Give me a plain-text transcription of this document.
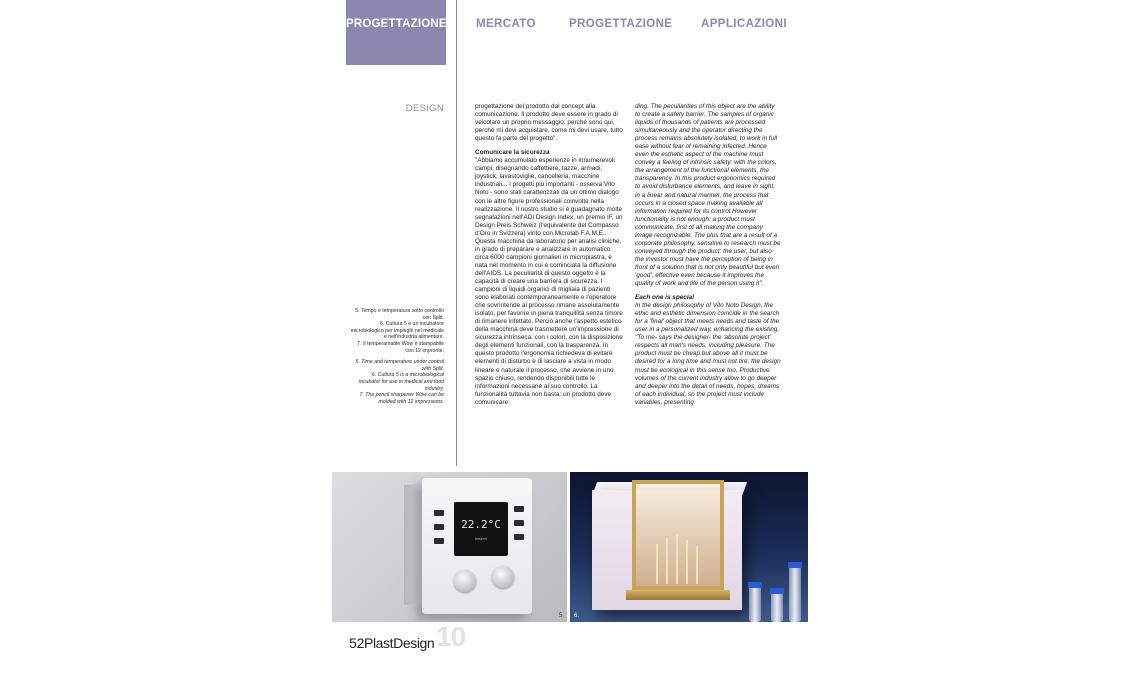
PROGETTAZIONE	MERCATO	PROGETTAZIONE APPLICAZIONI
DESIGN

5. Tempo e temperatura sotto controllo con Split.

6. Cultura 5 è un incubatore microbiologico per impieghi nel medicale e nell'industria alimentare.

7. Il temperamatite Wow è stampabile con 12 impronte.

5. Time and temperature under control with Split.

6. Cultura 5 is a microbiological incubator for use in medical and food industry.

7. The pencil sharpener Wow can be molded with 12 impressions.

progettazione del prodotto dal concept alla comunicazione. Il prodotto deve essere in grado di veicolare un proprio messaggio: perché sono qui, perché mi devi acquistare, come mi devi usare, tutto questo fa parte del progetto".

Comunicare la sicurezza

"Abbiamo accumulato esperienze in innumerevoli campi, disegnando caffettiere, tazze, armadi, joystick, lavastoviglie, cancelleria, macchine industriali... I progetti più importanti - osserva Vito Noto - sono stati caratterizzati da un ottimo dialogo con le altre figure professionali coinvolte nella realizzazione. Il nostro studio si è guadagnato molte segnalazioni nell'ADI Design Index, un premio IF, un Design Preis Schweiz (l'equivalente del Compasso d'Oro in Svizzera) vinto con Microlab F.A.M.E.. Questa macchina da laboratorio per analisi cliniche, in grado di preparare e analizzare in automatico circa 6000 campioni giornalieri in micropiastra, è nata nel momento in cui è cominciata la diffusione dell'AIDS. La peculiarità di questo oggetto è la capacità di creare una barriera di sicurezza. I campioni di liquidi organici di migliaia di pazienti sono elaborati contemporaneamente e l'operatore che sovrintende al processo rimane assolutamente isolato, per favorire in piena tranquillità senza timore di rimanere infettato. Perciò anche l'aspetto estetico della macchina deve trasmettere un'impressione di sicurezza intrinseca: con i colori, con la disposizione degli elementi funzionali, con la trasparenza. In questo prodotto l'ergonomia richiedeva di evitare elementi di disturbo e di lasciare a vista in modo lineare e naturale il processo, che avviene in uno spazio chiuso, rendendo disponibili tutte le informazioni necessarie al suo controllo. La funzionalità tuttavia non basta: un prodotto deve comunicare

ding. The peculiarities of this object are the ability to create a safety barrier. The samples of organic liquids of thousands of patients are processed simultaneously and the operator directing the process remains absolutely isolated, to work in full ease without fear of remaining infected. Hence even the esthetic aspect of the machine must convey a feeling of intrinsic safety: with the colors, the arrangement of the functional elements, the transparency. In this product ergonomics required to avoid disturbance elements, and leave in sight, in a linear and natural manner, the process that occurs in a closed space making available all information required for its control.However functionality is not enough: a product must communicate, first of all making the company image recognizable. The plus that are a result of a corporate philosophy, sensitive to research must be conveyed through the product: the user, but also the investor must have the perception of being in front of a solution that is not only beautiful but even 'good', effective even because it improves the quality of work and life of the person using it".

Each one is special

In the design philosophy of Vito Noto Design, the ethic and esthetic dimension coincide in the search for a 'final' object that meets needs and taste of the user in a personalized way, enhancing the existing. "To me- says the designer- the 'absolute project' respects all man's needs, including pleasure. The product must be cheap but above all it must be desired for a long time and must not tire: the design must be ecological in this sense too. Productive volumes of the current industry allow to go deeper and deeper into the detail of needs, hopes, dreams of each individual, so the project must include variables, presenting

22.2°C
heizen
5. 6.
52 PlastDesign 10
